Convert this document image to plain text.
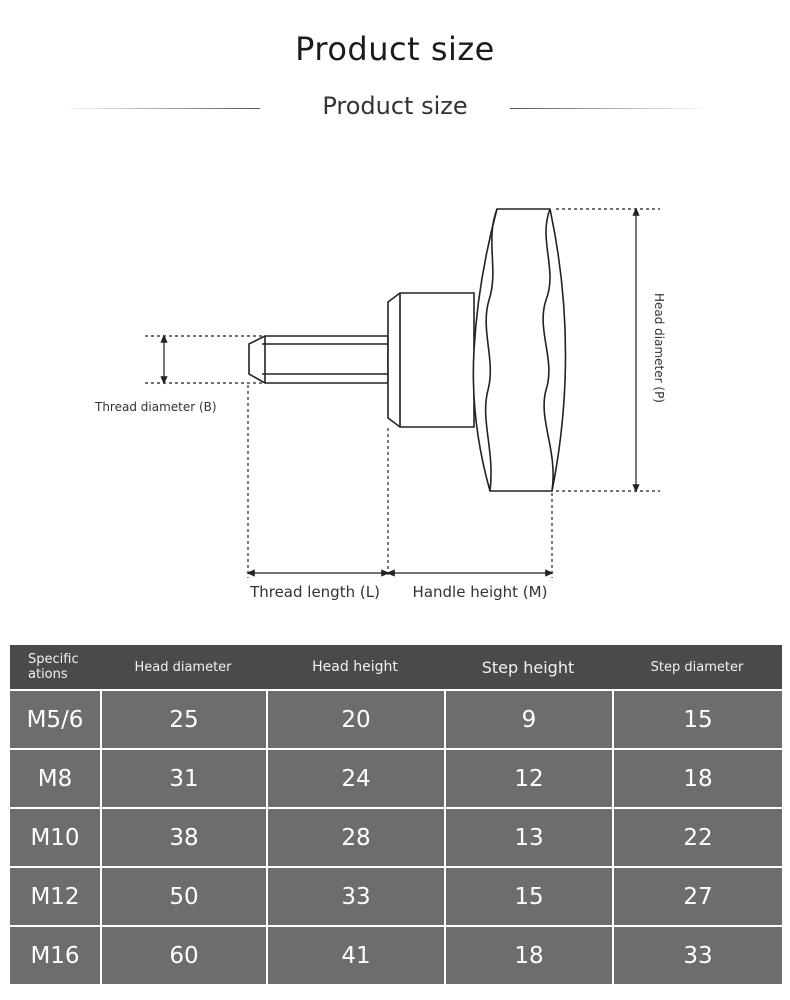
Product size
Product size
Thread diameter (B)
Thread length (L) Handle height (M)
Head diameter (P)
Specific
ations	Head diameter	Head height	Step height	Step diameter
M5/6	25	20	9	15
M8	31	24	12	18
M10	38	28	13	22
M12	50	33	15	27
M16	60	41	18	33
